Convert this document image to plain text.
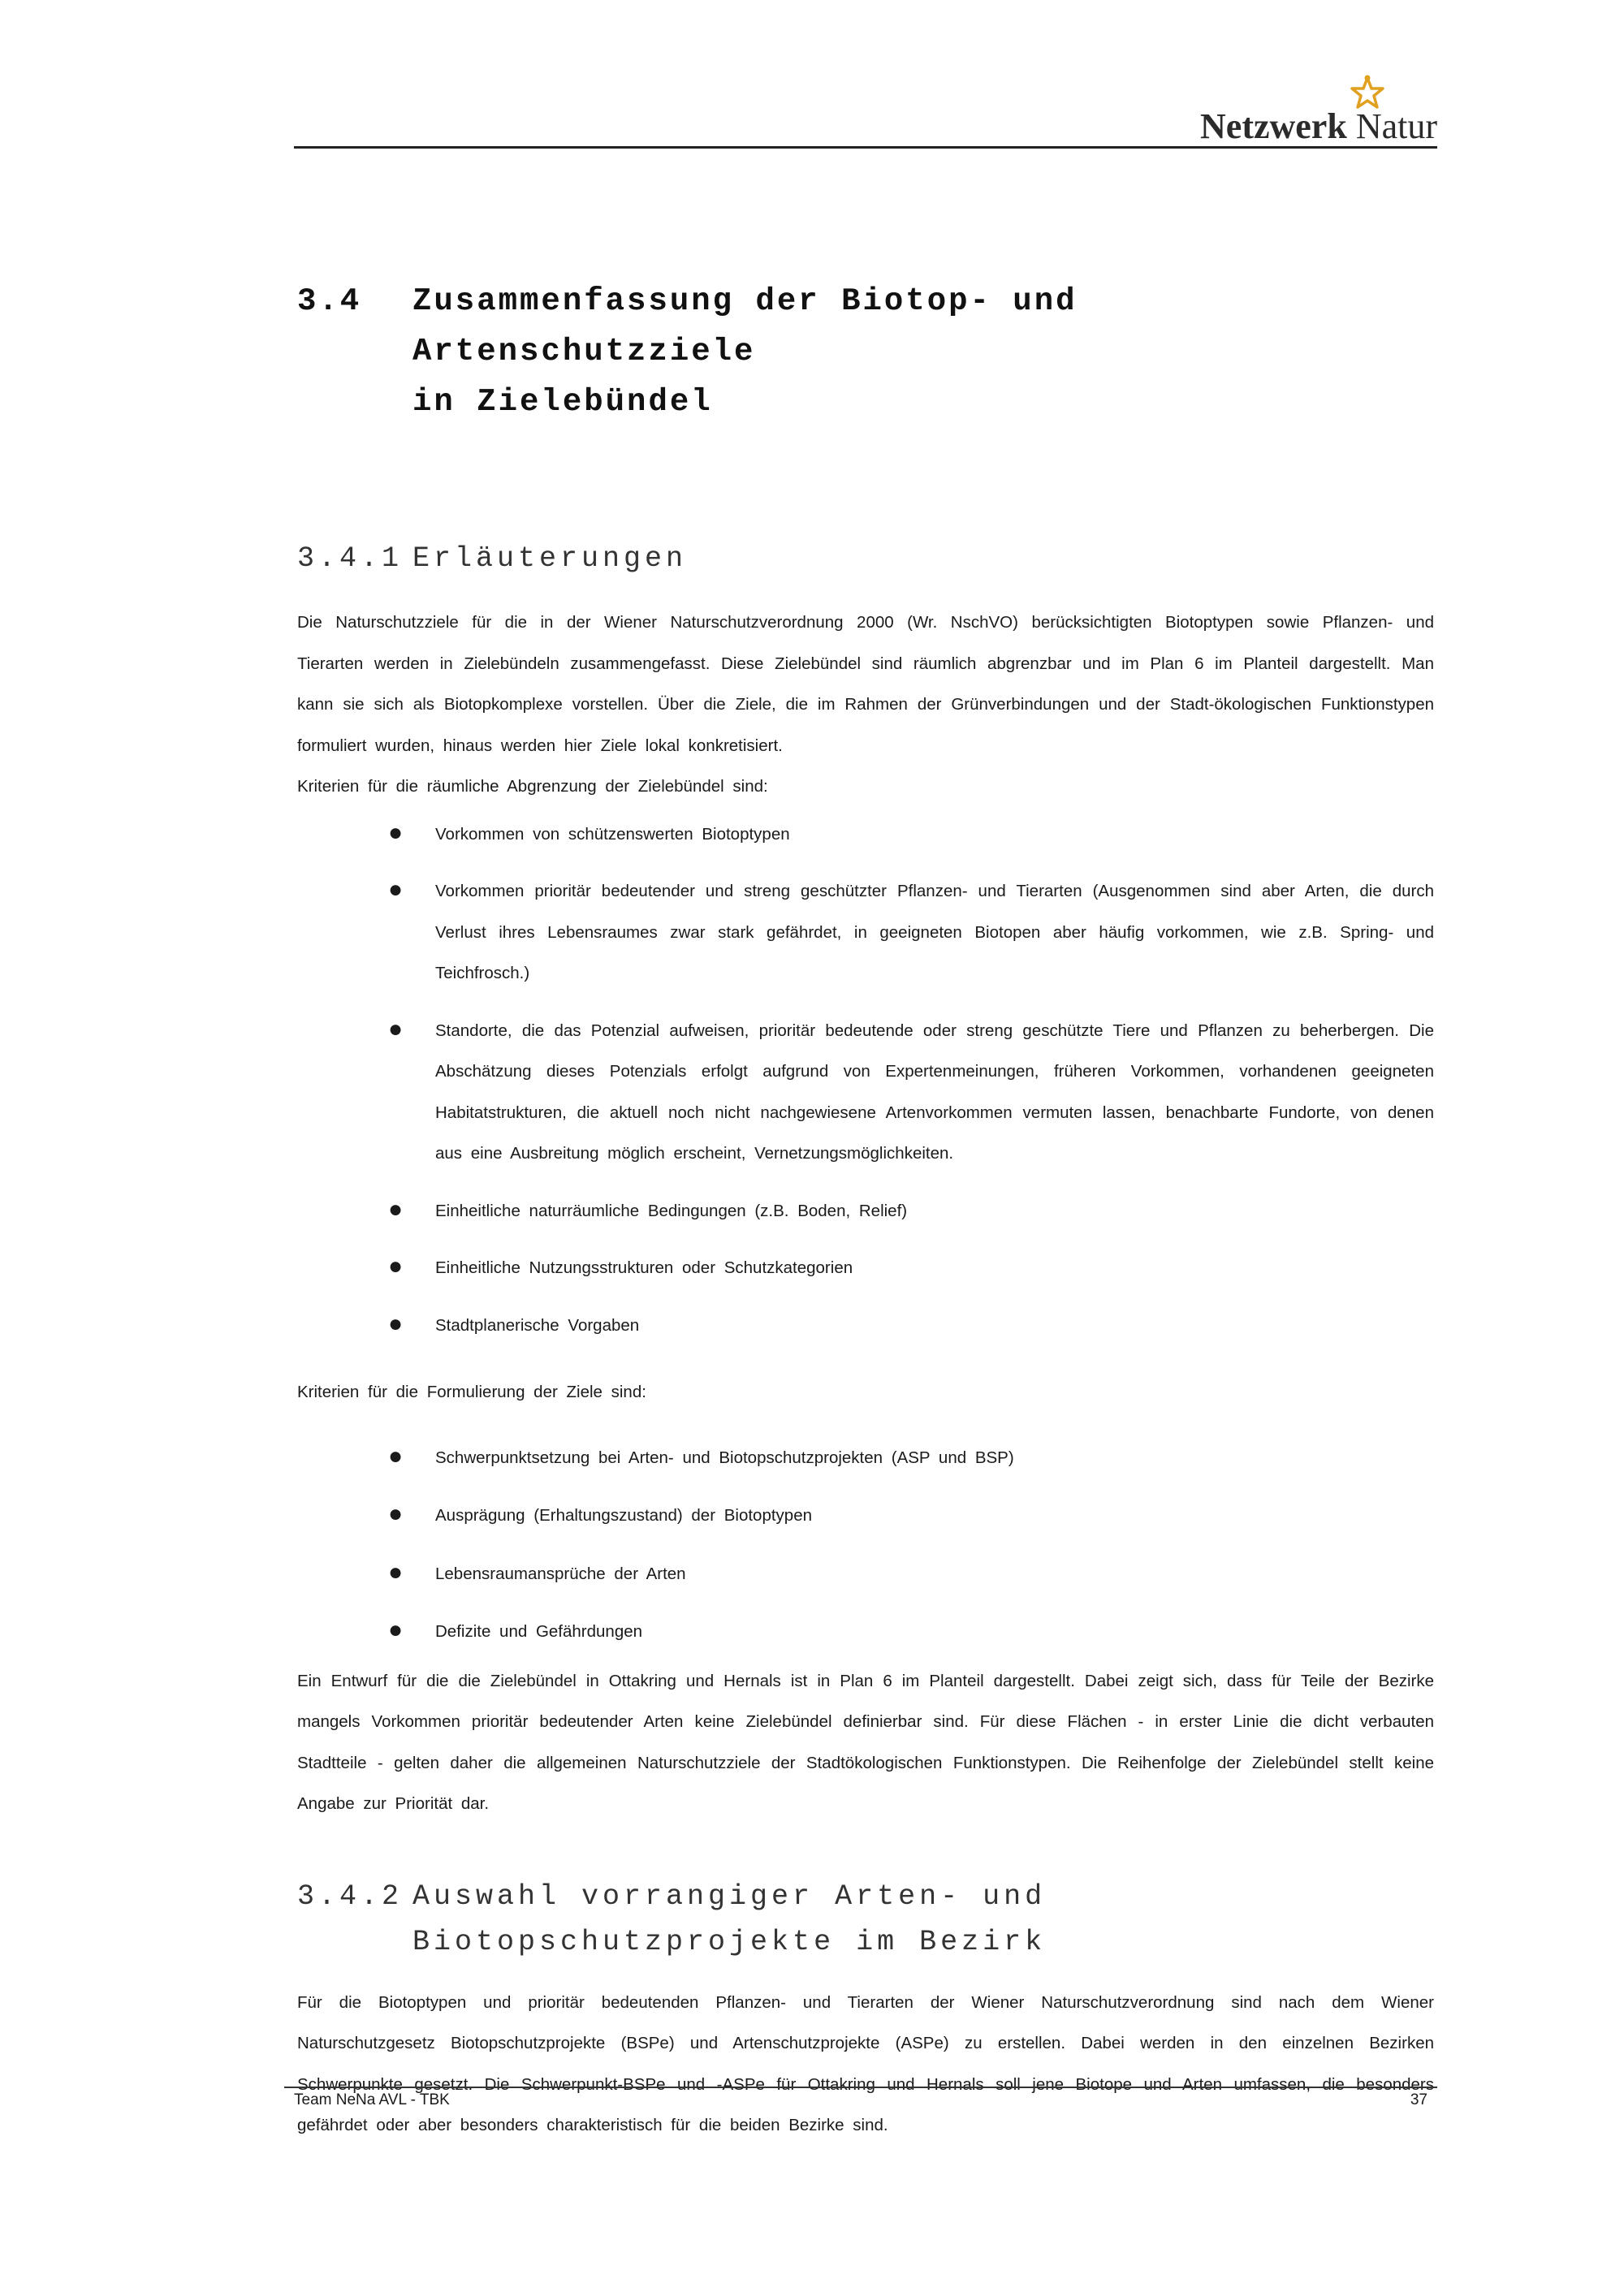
Netzwerk Natur
3.4	Zusammenfassung der Biotop- und Artenschutzziele
in Zielebündel
3.4.1 Erläuterungen

Die Naturschutzziele für die in der Wiener Naturschutzverordnung 2000 (Wr. NschVO) berücksichtigten Biotoptypen sowie Pflanzen- und Tierarten werden in Zielebündeln zusammengefasst. Diese Zielebündel sind räumlich abgrenzbar und im Plan 6 im Planteil dargestellt. Man kann sie sich als Biotopkomplexe vorstellen. Über die Ziele, die im Rahmen der Grünverbindungen und der Stadt-ökologischen Funktionstypen formuliert wurden, hinaus werden hier Ziele lokal konkretisiert.

Kriterien für die räumliche Abgrenzung der Zielebündel sind:

● Vorkommen von schützenswerten Biotoptypen
● Vorkommen prioritär bedeutender und streng geschützter Pflanzen- und Tierarten (Ausgenommen sind aber Arten, die durch Verlust ihres Lebensraumes zwar stark gefährdet, in geeigneten Biotopen aber häufig vorkommen, wie z.B. Spring- und Teichfrosch.)
● Standorte, die das Potenzial aufweisen, prioritär bedeutende oder streng geschützte Tiere und Pflanzen zu beherbergen. Die Abschätzung dieses Potenzials erfolgt aufgrund von Expertenmeinungen, früheren Vorkommen, vorhandenen geeigneten Habitatstrukturen, die aktuell noch nicht nachgewiesene Artenvorkommen vermuten lassen, benachbarte Fundorte, von denen aus eine Ausbreitung möglich erscheint, Vernetzungsmöglichkeiten.
● Einheitliche naturräumliche Bedingungen (z.B. Boden, Relief)
● Einheitliche Nutzungsstrukturen oder Schutzkategorien
● Stadtplanerische Vorgaben

Kriterien für die Formulierung der Ziele sind:

● Schwerpunktsetzung bei Arten- und Biotopschutzprojekten (ASP und BSP)
● Ausprägung (Erhaltungszustand) der Biotoptypen
● Lebensraumansprüche der Arten
● Defizite und Gefährdungen

Ein Entwurf für die die Zielebündel in Ottakring und Hernals ist in Plan 6 im Planteil dargestellt. Dabei zeigt sich, dass für Teile der Bezirke mangels Vorkommen prioritär bedeutender Arten keine Zielebündel definierbar sind. Für diese Flächen - in erster Linie die dicht verbauten Stadtteile - gelten daher die allgemeinen Naturschutzziele der Stadtökologischen Funktionstypen. Die Reihenfolge der Zielebündel stellt keine Angabe zur Priorität dar.

3.4.2 Auswahl vorrangiger Arten- und Biotopschutzprojekte im Bezirk

Für die Biotoptypen und prioritär bedeutenden Pflanzen- und Tierarten der Wiener Naturschutzverordnung sind nach dem Wiener Naturschutzgesetz Biotopschutzprojekte (BSPe) und Artenschutzprojekte (ASPe) zu erstellen. Dabei werden in den einzelnen Bezirken Schwerpunkte gesetzt. Die Schwerpunkt-BSPe und -ASPe für Ottakring und Hernals soll jene Biotope und Arten umfassen, die besonders gefährdet oder aber besonders charakteristisch für die beiden Bezirke sind.

Team NeNa AVL - TBK	37
